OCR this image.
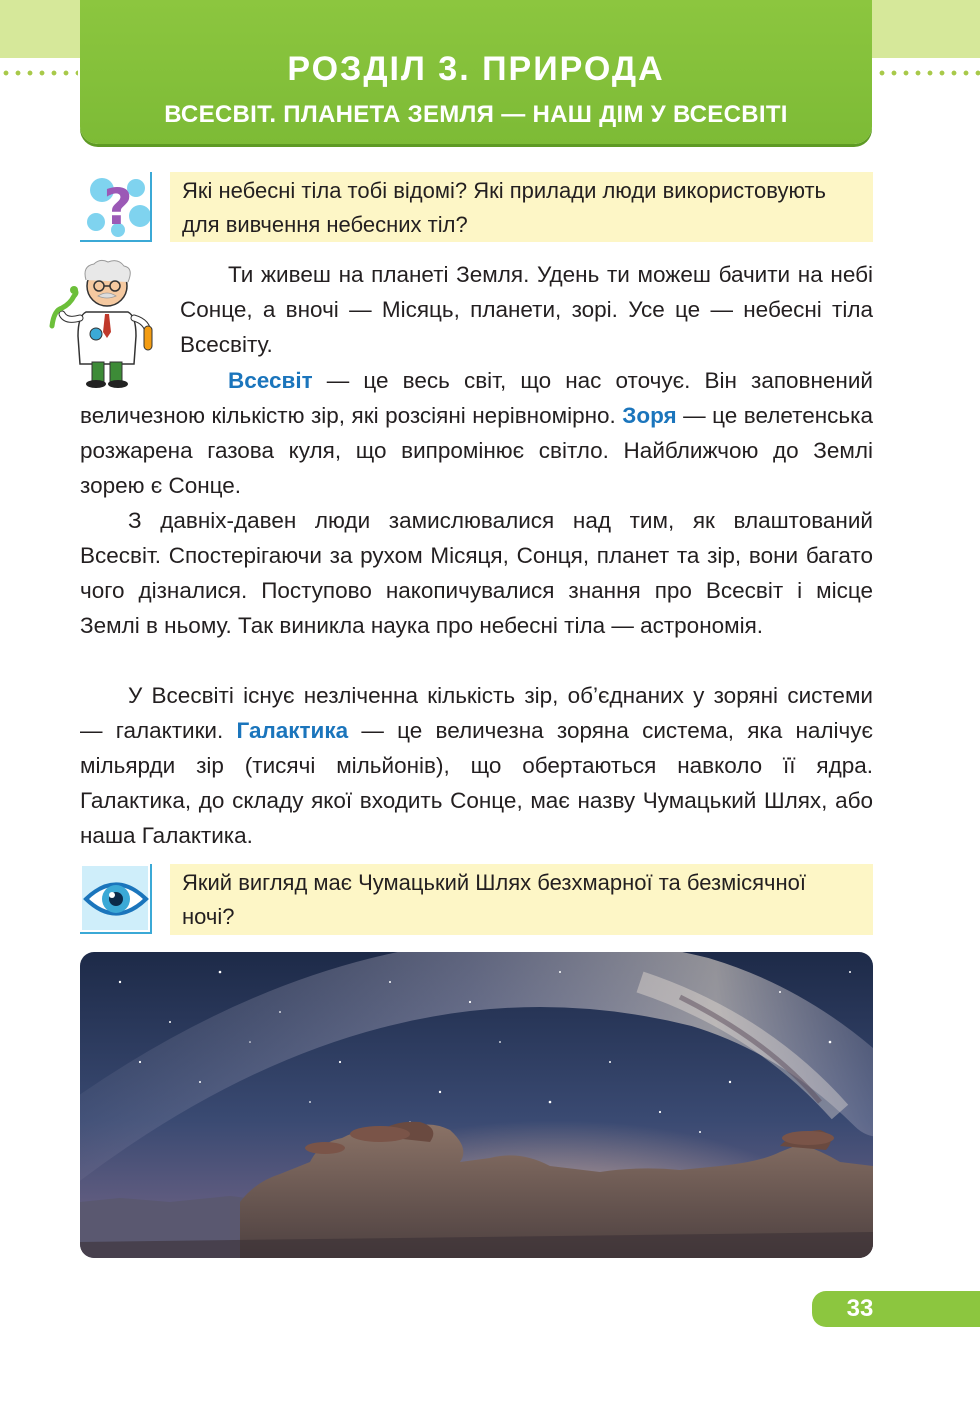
РОЗДІЛ 3. ПРИРОДА
ВСЕСВІТ. ПЛАНЕТА ЗЕМЛЯ — НАШ ДІМ У ВСЕСВІТІ
?	Які небесні тіла тобі відомі? Які прилади люди використовують для вивчення небесних тіл?
Ти живеш на планеті Земля. Удень ти можеш бачити на небі Сонце, а вночі — Місяць, планети, зорі. Усе це — небесні тіла Всесвіту.
Всесвіт — це весь світ, що нас оточує. Він заповнений величезною кількістю зір, які розсіяні нерівномірно. Зоря — це велетенська розжарена газова куля, що випромінює світло. Найближчою до Землі зорею є Сонце.
З давніх-давен люди замислювалися над тим, як влаштований Всесвіт. Спостерігаючи за рухом Місяця, Сонця, планет та зір, вони багато чого дізналися. Поступово накопичувалися знання про Всесвіт і місце Землі в ньому. Так виникла наука про небесні тіла — астрономія.
У Всесвіті існує незліченна кількість зір, об’єднаних у зоряні системи — галактики. Галактика — це величезна зоряна система, яка налічує мільярди зір (тисячі мільйонів), що обертаються навколо її ядра. Галактика, до складу якої входить Сонце, має назву Чумацький Шлях, або наша Галактика.
Який вигляд має Чумацький Шлях безхмарної та безмісячної ночі?
33
